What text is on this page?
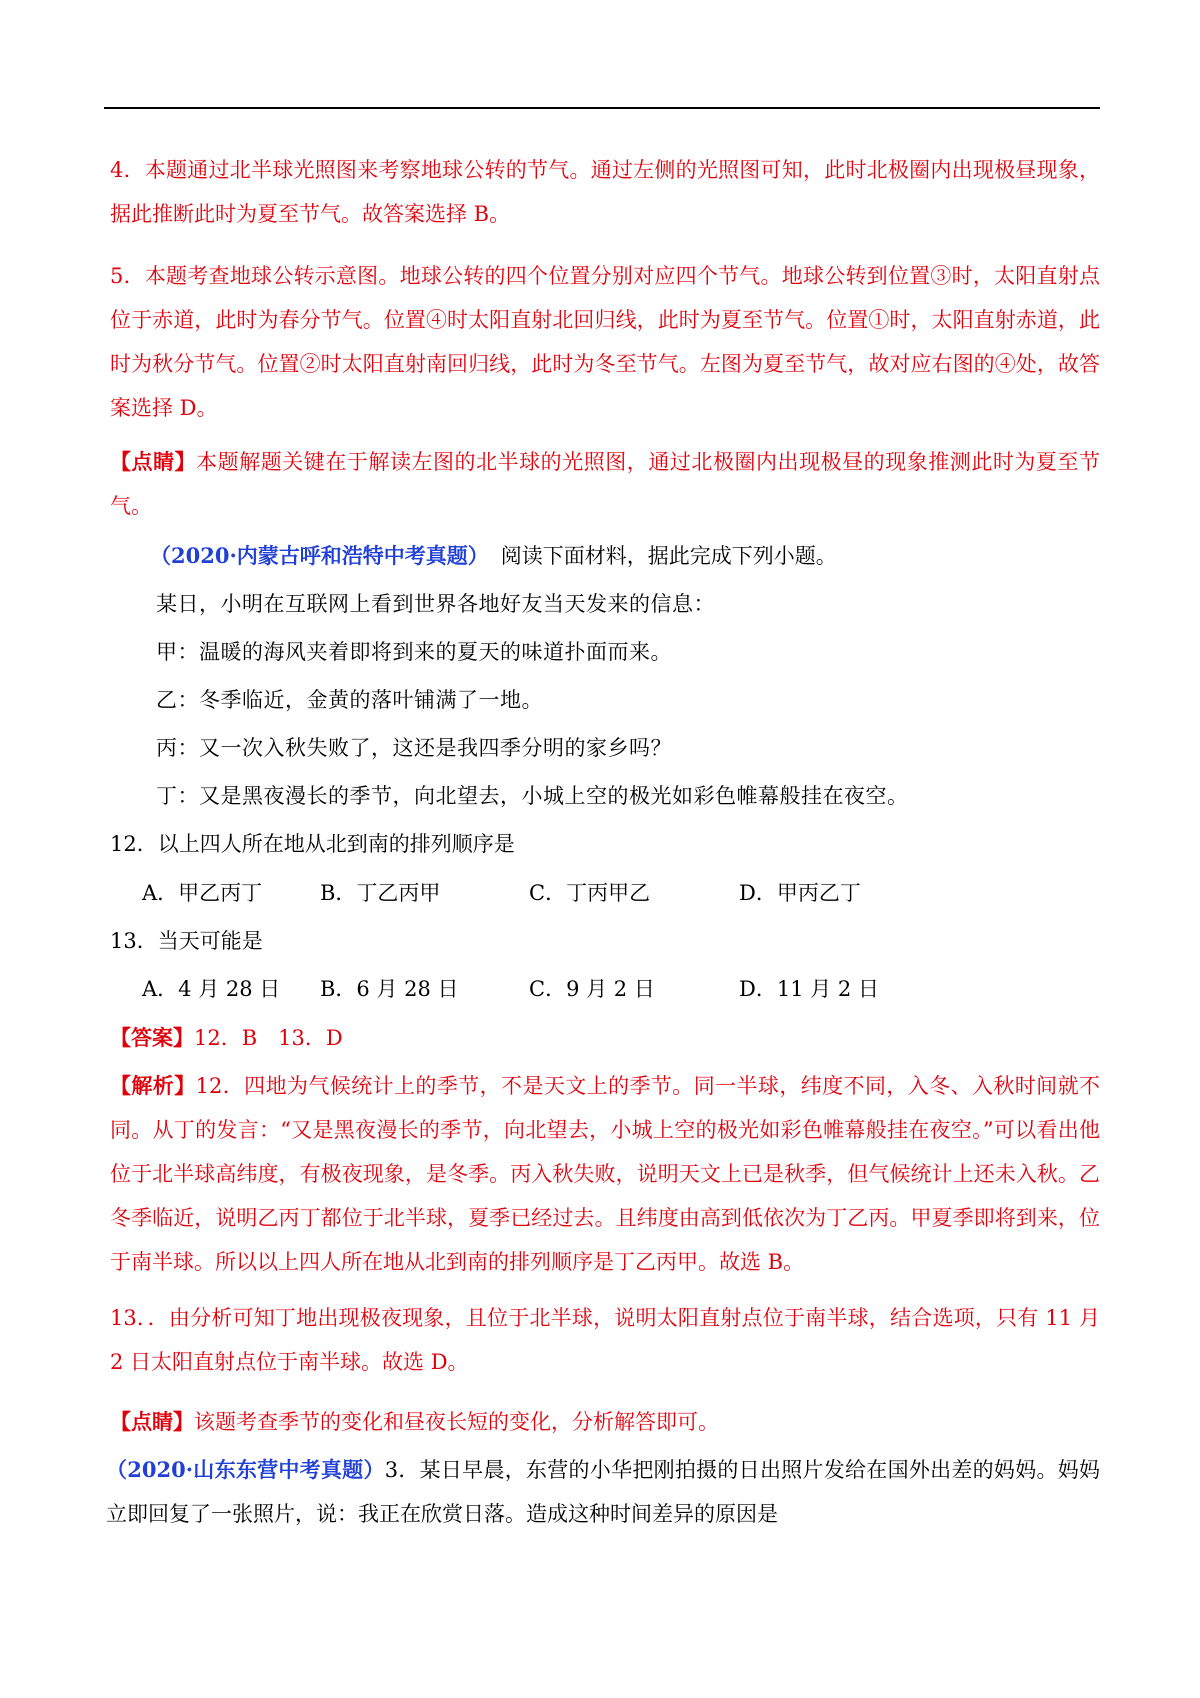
4．本题通过北半球光照图来考察地球公转的节气。通过左侧的光照图可知，此时北极圈内出现极昼现象，据此推断此时为夏至节气。故答案选择 B。
5．本题考查地球公转示意图。地球公转的四个位置分别对应四个节气。地球公转到位置③时，太阳直射点位于赤道，此时为春分节气。位置④时太阳直射北回归线，此时为夏至节气。位置①时，太阳直射赤道，此时为秋分节气。位置②时太阳直射南回归线，此时为冬至节气。左图为夏至节气，故对应右图的④处，故答案选择 D。
【点睛】本题解题关键在于解读左图的北半球的光照图，通过北极圈内出现极昼的现象推测此时为夏至节气。
（2020·内蒙古呼和浩特中考真题） 阅读下面材料，据此完成下列小题。
某日，小明在互联网上看到世界各地好友当天发来的信息：
甲：温暖的海风夹着即将到来的夏天的味道扑面而来。
乙：冬季临近，金黄的落叶铺满了一地。
丙：又一次入秋失败了，这还是我四季分明的家乡吗？
丁：又是黑夜漫长的季节，向北望去，小城上空的极光如彩色帷幕般挂在夜空。
12．以上四人所在地从北到南的排列顺序是
A．甲乙丙丁	B．丁乙丙甲	C．丁丙甲乙	D．甲丙乙丁
13．当天可能是
A．4 月 28 日 B．6 月 28 日	C．9 月 2 日	D．11 月 2 日
【答案】12．B　13．D
【解析】12．四地为气候统计上的季节，不是天文上的季节。同一半球，纬度不同，入冬、入秋时间就不同。从丁的发言：“又是黑夜漫长的季节，向北望去，小城上空的极光如彩色帷幕般挂在夜空。”可以看出他位于北半球高纬度，有极夜现象，是冬季。丙入秋失败，说明天文上已是秋季，但气候统计上还未入秋。乙冬季临近，说明乙丙丁都位于北半球，夏季已经过去。且纬度由高到低依次为丁乙丙。甲夏季即将到来，位于南半球。所以以上四人所在地从北到南的排列顺序是丁乙丙甲。故选 B。
13．．由分析可知丁地出现极夜现象，且位于北半球，说明太阳直射点位于南半球，结合选项，只有 11 月 2 日太阳直射点位于南半球。故选 D。
【点睛】该题考查季节的变化和昼夜长短的变化，分析解答即可。
（2020·山东东营中考真题）3．某日早晨，东营的小华把刚拍摄的日出照片发给在国外出差的妈妈。妈妈立即回复了一张照片，说：我正在欣赏日落。造成这种时间差异的原因是
